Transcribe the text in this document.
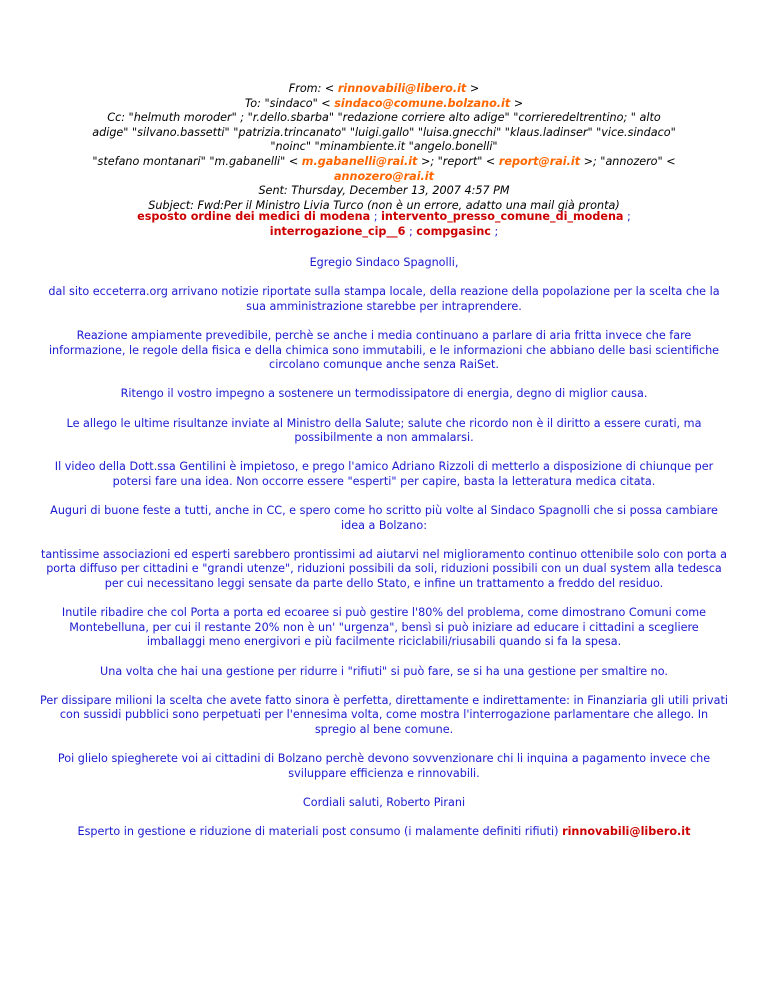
From: < rinnovabili@libero.it >
To: "sindaco" < sindaco@comune.bolzano.it >
Cc: "helmuth moroder" ; "r.dello.sbarba" "redazione corriere alto adige" "corrieredeltrentino; " alto
adige" "silvano.bassetti" "patrizia.trincanato" "luigi.gallo" "luisa.gnecchi" "klaus.ladinser" "vice.sindaco"
"noinc" "minambiente.it "angelo.bonelli"
"stefano montanari" "m.gabanelli" < m.gabanelli@rai.it >; "report" < report@rai.it >; "annozero" <
annozero@rai.it
Sent: Thursday, December 13, 2007 4:57 PM
Subject: Fwd:Per il Ministro Livia Turco (non è un errore, adatto una mail già pronta)
esposto ordine dei medici di modena ; intervento_presso_comune_di_modena ;
interrogazione_cip__6 ; compgasinc ;

Egregio Sindaco Spagnolli,

dal sito ecceterra.org arrivano notizie riportate sulla stampa locale, della reazione della popolazione per la scelta che la sua amministrazione starebbe per intraprendere.

Reazione ampiamente prevedibile, perchè se anche i media continuano a parlare di aria fritta invece che fare informazione, le regole della fisica e della chimica sono immutabili, e le informazioni che abbiano delle basi scientifiche circolano comunque anche senza RaiSet.

Ritengo il vostro impegno a sostenere un termodissipatore di energia, degno di miglior causa.

Le allego le ultime risultanze inviate al Ministro della Salute; salute che ricordo non è il diritto a essere curati, ma possibilmente a non ammalarsi.

Il video della Dott.ssa Gentilini è impietoso, e prego l'amico Adriano Rizzoli di metterlo a disposizione di chiunque per potersi fare una idea. Non occorre essere "esperti" per capire, basta la letteratura medica citata.

Auguri di buone feste a tutti, anche in CC, e spero come ho scritto più volte al Sindaco Spagnolli che si possa cambiare idea a Bolzano:

tantissime associazioni ed esperti sarebbero prontissimi ad aiutarvi nel miglioramento continuo ottenibile solo con porta a porta diffuso per cittadini e "grandi utenze", riduzioni possibili da soli, riduzioni possibili con un dual system alla tedesca per cui necessitano leggi sensate da parte dello Stato, e infine un trattamento a freddo del residuo.

Inutile ribadire che col Porta a porta ed ecoaree si può gestire l'80% del problema, come dimostrano Comuni come Montebelluna, per cui il restante 20% non è un' "urgenza", bensì si può iniziare ad educare i cittadini a scegliere imballaggi meno energivori e più facilmente riciclabili/riusabili quando si fa la spesa.

Una volta che hai una gestione per ridurre i "rifiuti" si può fare, se si ha una gestione per smaltire no.

Per dissipare milioni la scelta che avete fatto sinora è perfetta, direttamente e indirettamente: in Finanziaria gli utili privati con sussidi pubblici sono perpetuati per l'ennesima volta, come mostra l'interrogazione parlamentare che allego. In spregio al bene comune.

Poi glielo spiegherete voi ai cittadini di Bolzano perchè devono sovvenzionare chi li inquina a pagamento invece che sviluppare efficienza e rinnovabili.

Cordiali saluti, Roberto Pirani

Esperto in gestione e riduzione di materiali post consumo (i malamente definiti rifiuti) rinnovabili@libero.it
